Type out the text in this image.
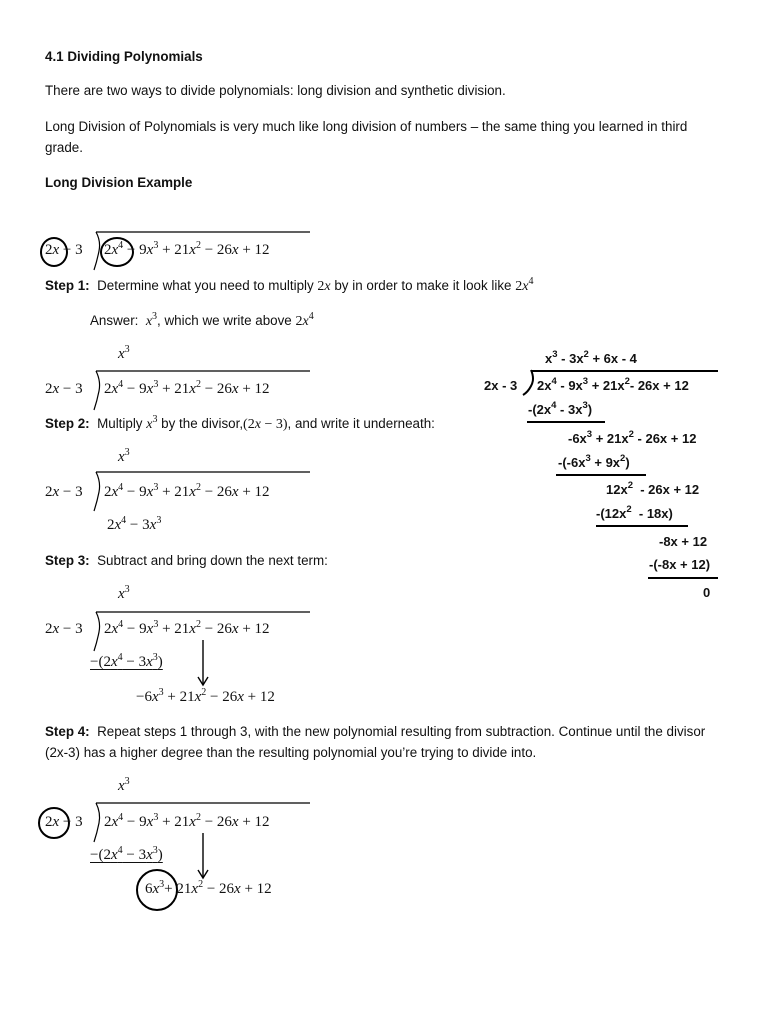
4.1 Dividing Polynomials
There are two ways to divide polynomials: long division and synthetic division.
Long Division of Polynomials is very much like long division of numbers – the same thing you learned in third grade.
Long Division Example
2x − 3 $2x^4 - 9x^3 + 21x^2 - 26x + 12$
Step 1: Determine what you need to multiply 2x by in order to make it look like $2x^4$
Answer: $x^3$, which we write above $2x^4$
$x^3$
2x − 3 $2x^4 - 9x^3 + 21x^2 - 26x + 12$
Step 2: Multiply $x^3$ by the divisor,(2x − 3), and write it underneath:
$x^3$
2x − 3 $2x^4 - 9x^3 + 21x^2 - 26x + 12$
$2x^4 - 3x^3$
Step 3: Subtract and bring down the next term:
$x^3$
2x − 3 $2x^4 - 9x^3 + 21x^2 - 26x + 12$
$-(2x^4 - 3x^3)$
$-6x^3 + 21x^2 - 26x + 12$
Step 4: Repeat steps 1 through 3, with the new polynomial resulting from subtraction. Continue until the divisor (2x-3) has a higher degree than the resulting polynomial you’re trying to divide into.
$x^3$
2x − 3 $2x^4 - 9x^3 + 21x^2 - 26x + 12$
$-(2x^4 - 3x^3)$
$6x^3+ 21x^2 - 26x + 12$
$x^3 - 3x^2 + 6x - 4$
2x - 3 $2x^4 - 9x^3 + 21x^2-$ 26x + 12
$-(2x^4 - 3x^3)$
$-6x^3 + 21x^2 - 26x + 12$
$-(-6x^3 + 9x^2)$
$12x^2 - 26x + 12$
$-(12x^2 - 18x)$
-8x + 12
-(-8x + 12)
0
